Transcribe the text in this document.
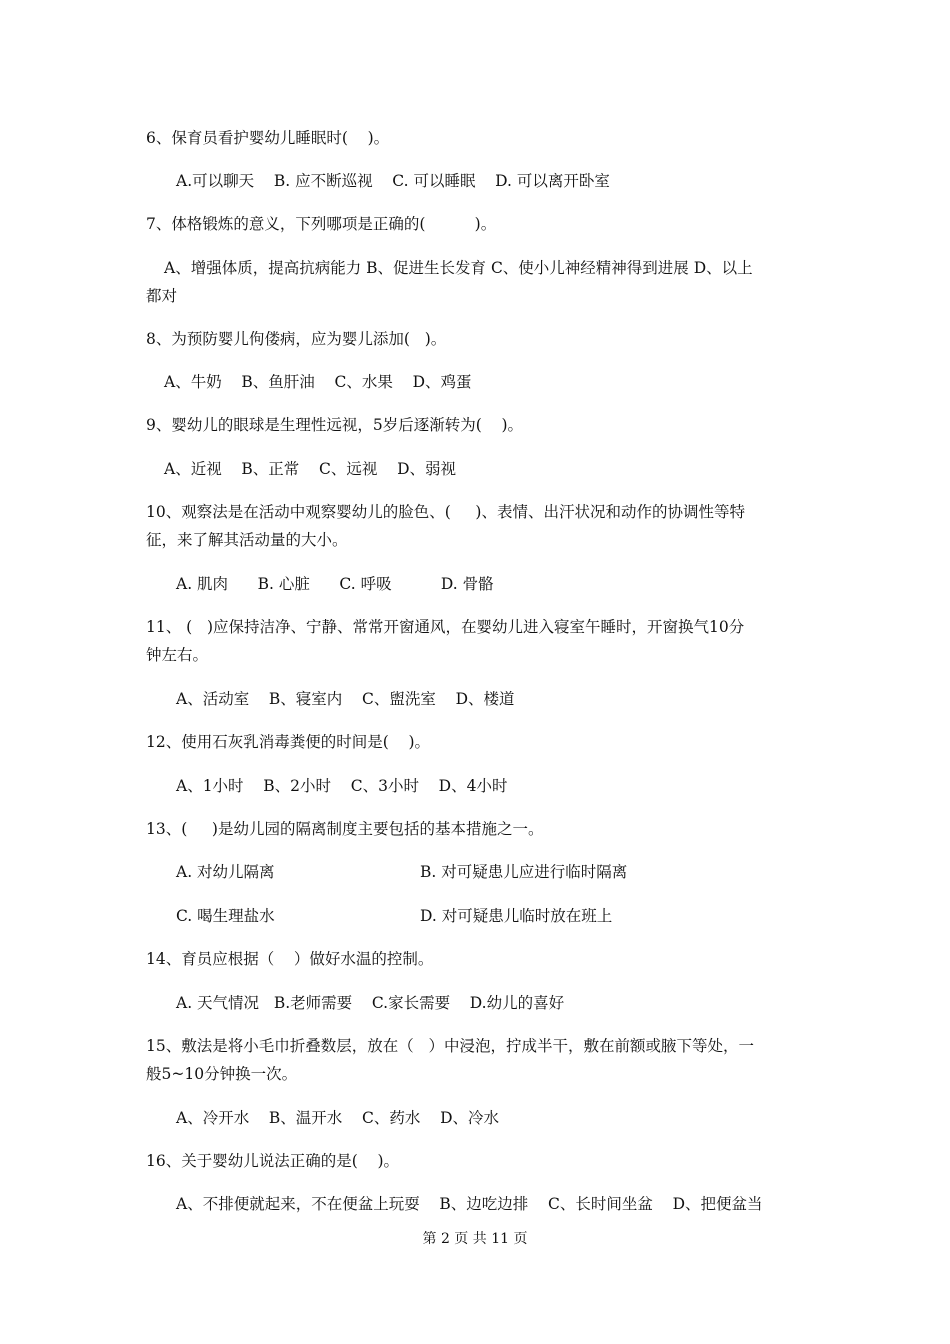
6、保育员看护婴幼儿睡眠时(    )。
A.可以聊天    B. 应不断巡视    C. 可以睡眠    D. 可以离开卧室
7、体格锻炼的意义，下列哪项是正确的(          )。
A、增强体质，提高抗病能力 B、促进生长发育 C、使小儿神经精神得到进展 D、以上
都对
8、为预防婴儿佝偻病，应为婴儿添加(   )。
A、牛奶    B、鱼肝油    C、水果    D、鸡蛋
9、婴幼儿的眼球是生理性远视，5岁后逐渐转为(    )。
A、近视    B、正常    C、远视    D、弱视
10、观察法是在活动中观察婴幼儿的脸色、(     )、表情、出汗状况和动作的协调性等特
征，来了解其活动量的大小。
A. 肌肉      B. 心脏      C. 呼吸          D. 骨骼
11、 (   )应保持洁净、宁静、常常开窗通风，在婴幼儿进入寝室午睡时，开窗换气10分
钟左右。
A、活动室    B、寝室内    C、盥洗室    D、楼道
12、使用石灰乳消毒粪便的时间是(    )。
A、1小时    B、2小时    C、3小时    D、4小时
13、(     )是幼儿园的隔离制度主要包括的基本措施之一。
A. 对幼儿隔离	B. 对可疑患儿应进行临时隔离
C. 喝生理盐水	D. 对可疑患儿临时放在班上
14、育员应根据（    ）做好水温的控制。
A. 天气情况   B.老师需要    C.家长需要    D.幼儿的喜好
15、敷法是将小毛巾折叠数层，放在（   ）中浸泡，拧成半干，敷在前额或腋下等处，一
般5~10分钟换一次。
A、冷开水    B、温开水    C、药水    D、冷水
16、关于婴幼儿说法正确的是(    )。
A、不排便就起来，不在便盆上玩耍    B、边吃边排    C、长时间坐盆    D、把便盆当
第 2 页 共 11 页
